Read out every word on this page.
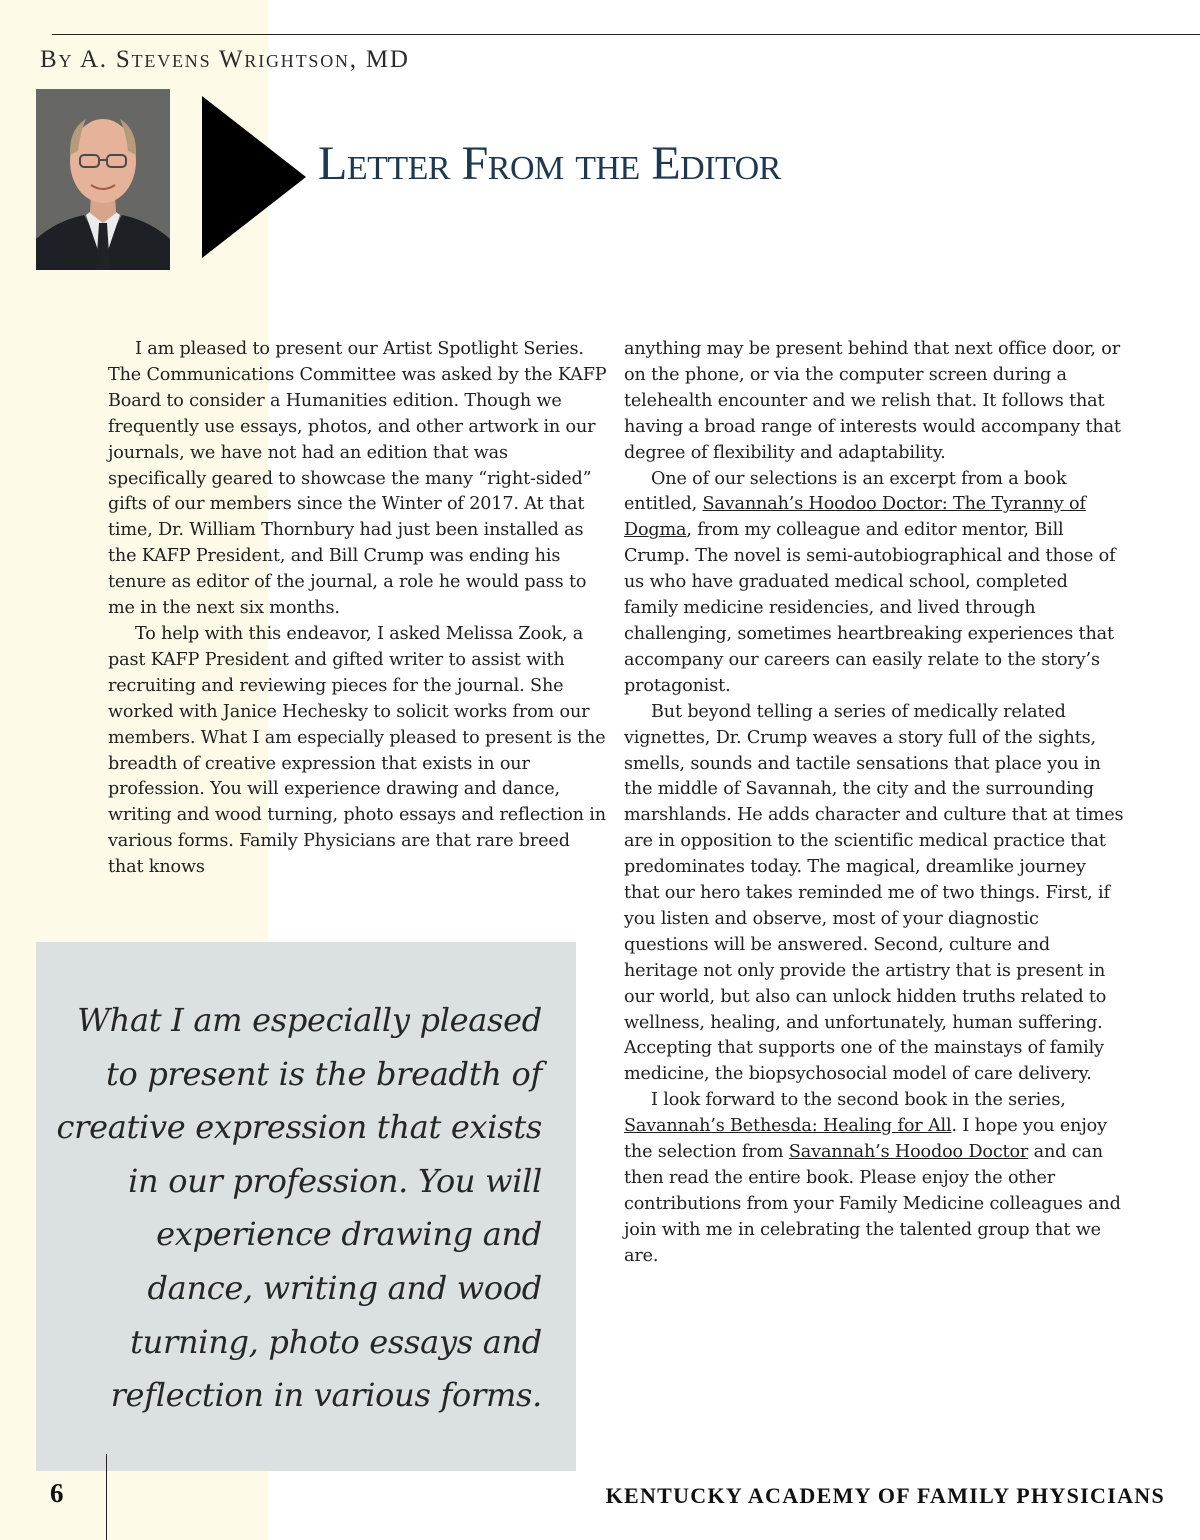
By A. Stevens Wrightson, MD
Letter From the Editor

I am pleased to present our Artist Spotlight Series. The Communications Committee was asked by the KAFP Board to consider a Humanities edition. Though we frequently use essays, photos, and other artwork in our journals, we have not had an edition that was specifically geared to showcase the many “right-sided” gifts of our members since the Winter of 2017. At that time, Dr. William Thornbury had just been installed as the KAFP President, and Bill Crump was ending his tenure as editor of the journal, a role he would pass to me in the next six months.

To help with this endeavor, I asked Melissa Zook, a past KAFP President and gifted writer to assist with recruiting and reviewing pieces for the journal. She worked with Janice Hechesky to solicit works from our members. What I am especially pleased to present is the breadth of creative expression that exists in our profession. You will experience drawing and dance, writing and wood turning, photo essays and reflection in various forms. Family Physicians are that rare breed that knows

anything may be present behind that next office door, or on the phone, or via the computer screen during a telehealth encounter and we relish that. It follows that having a broad range of interests would accompany that degree of flexibility and adaptability.

One of our selections is an excerpt from a book entitled, Savannah’s Hoodoo Doctor: The Tyranny of Dogma, from my colleague and editor mentor, Bill Crump. The novel is semi-autobiographical and those of us who have graduated medical school, completed family medicine residencies, and lived through challenging, sometimes heartbreaking experiences that accompany our careers can easily relate to the story’s protagonist.

But beyond telling a series of medically related vignettes, Dr. Crump weaves a story full of the sights, smells, sounds and tactile sensations that place you in the middle of Savannah, the city and the surrounding marshlands. He adds character and culture that at times are in opposition to the scientific medical practice that predominates today. The magical, dreamlike journey that our hero takes reminded me of two things. First, if you listen and observe, most of your diagnostic questions will be answered. Second, culture and heritage not only provide the artistry that is present in our world, but also can unlock hidden truths related to wellness, healing, and unfortunately, human suffering. Accepting that supports one of the mainstays of family medicine, the biopsychosocial model of care delivery.

I look forward to the second book in the series, Savannah’s Bethesda: Healing for All. I hope you enjoy the selection from Savannah’s Hoodoo Doctor and can then read the entire book. Please enjoy the other contributions from your Family Medicine colleagues and join with me in celebrating the talented group that we are.

What I am especially pleased to present is the breadth of creative expression that exists in our profession. You will experience drawing and dance, writing and wood turning, photo essays and reflection in various forms.

6	KENTUCKY ACADEMY OF FAMILY PHYSICIANS
